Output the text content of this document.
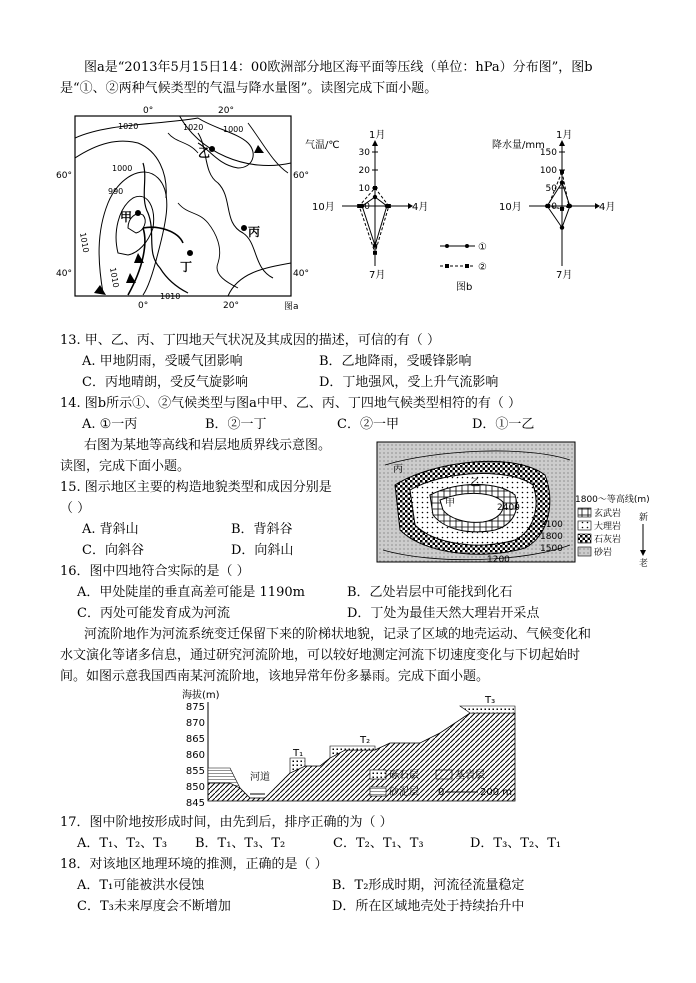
图a是“2013年5月15日14：00欧洲部分地区海平面等压线（单位：hPa）分布图”，图b
是“①、②两种气候类型的气温与降水量图”。读图完成下面小题。
0°	20°
0°	20°
60°	60°
40°	40°
1020
1000
1020 1000
990
1010
1010
1010
甲
乙
丙
丁
图a
30
20
10
0
1月
4月
7月
10月
气温/℃
150
100
50
0
1月
4月
7月
10月
降水量/mm
①
②
图b
13. 甲、乙、丙、丁四地天气状况及其成因的描述，可信的有（ ）
A. 甲地阴雨，受暖气团影响	B．乙地降雨，受暖锋影响
C．丙地晴朗，受反气旋影响	D．丁地强风，受上升气流影响
14. 图b所示①、②气候类型与图a中甲、乙、丙、丁四地气候类型相符的有（ ）
A. ①一丙	B．②一丁	C．②一甲	D．①一乙
右图为某地等高线和岩层地质界线示意图。
读图，完成下面小题。	丙
乙
丁
甲	2400
2100
1800
1500
1200
1800～等高线(m)
玄武岩
大理岩
石灰岩
砂岩
新
老
15. 图示地区主要的构造地貌类型和成因分别是
（ ）
A. 背斜山	B．背斜谷
C．向斜谷	D．向斜山
16．图中四地符合实际的是（ ）
A．甲处陡崖的垂直高差可能是 1190m	B．乙处岩层中可能找到化石
C．丙处可能发育成为河流	D．丁处为最佳天然大理岩开采点
河流阶地作为河流系统变迁保留下来的阶梯状地貌，记录了区域的地壳运动、气候变化和
水文演化等诸多信息，通过研究河流阶地，可以较好地测定河流下切速度变化与下切起始时
间。如图示意我国西南某河流阶地，该地异常年份多暴雨。完成下面小题。
海拔(m)
875
870
865
860
855
850
845
河道
T₁
T₂
T₃
砾石层	基岩层
砂泥层 0	200 m
17．图中阶地按形成时间，由先到后，排序正确的为（ ）
A．T₁、T₂、T₃ B．T₁、T₃、T₂	C．T₂、T₁、T₃	D．T₃、T₂、T₁
18．对该地区地理环境的推测，正确的是（ ）
A．T₁可能被洪水侵蚀	B．T₂形成时期，河流径流量稳定
C．T₃未来厚度会不断增加	D．所在区域地壳处于持续抬升中
